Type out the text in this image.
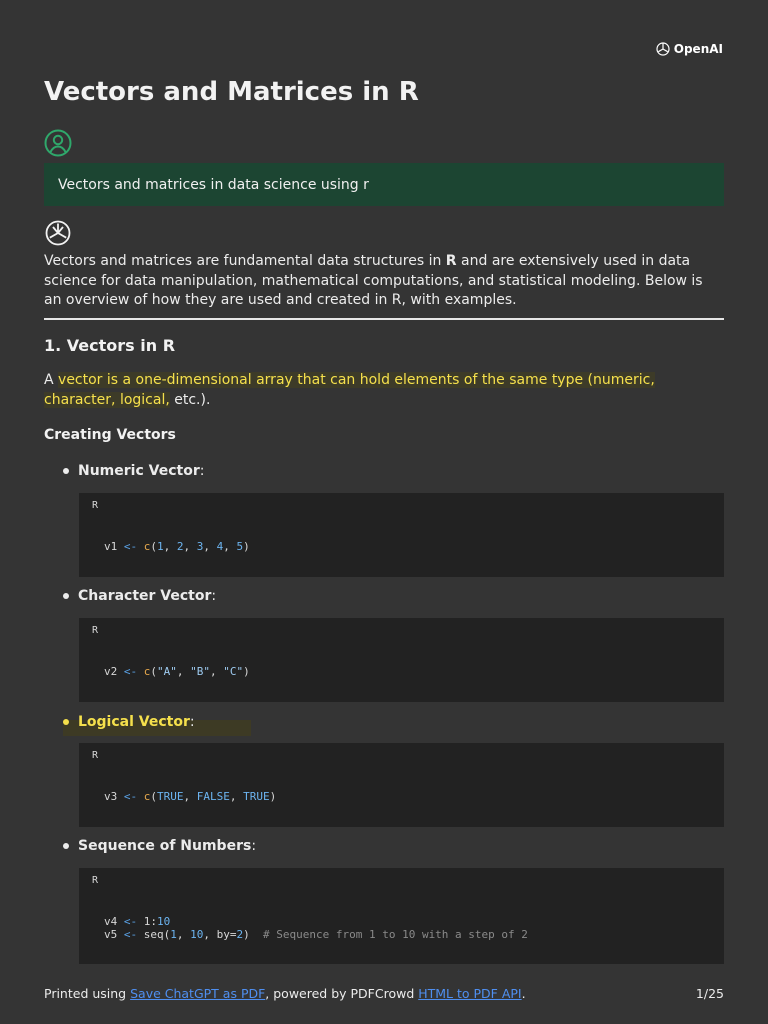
OpenAI
Vectors and Matrices in R
Vectors and matrices in data science using r

Vectors and matrices are fundamental data structures in R and are extensively used in data science for data manipulation, mathematical computations, and statistical modeling. Below is an overview of how they are used and created in R, with examples.

1. Vectors in R

A vector is a one-dimensional array that can hold elements of the same type (numeric, character, logical, etc.).

Creating Vectors
Numeric Vector:
R
v1 <- c(1, 2, 3, 4, 5)
Character Vector:
R
v2 <- c("A", "B", "C")
Logical Vector:
R
v3 <- c(TRUE, FALSE, TRUE)
Sequence of Numbers:
R
v4 <- 1:10
v5 <- seq(1, 10, by=2) # Sequence from 1 to 10 with a step of 2
Printed using Save ChatGPT as PDF, powered by PDFCrowd HTML to PDF API.	1/25
